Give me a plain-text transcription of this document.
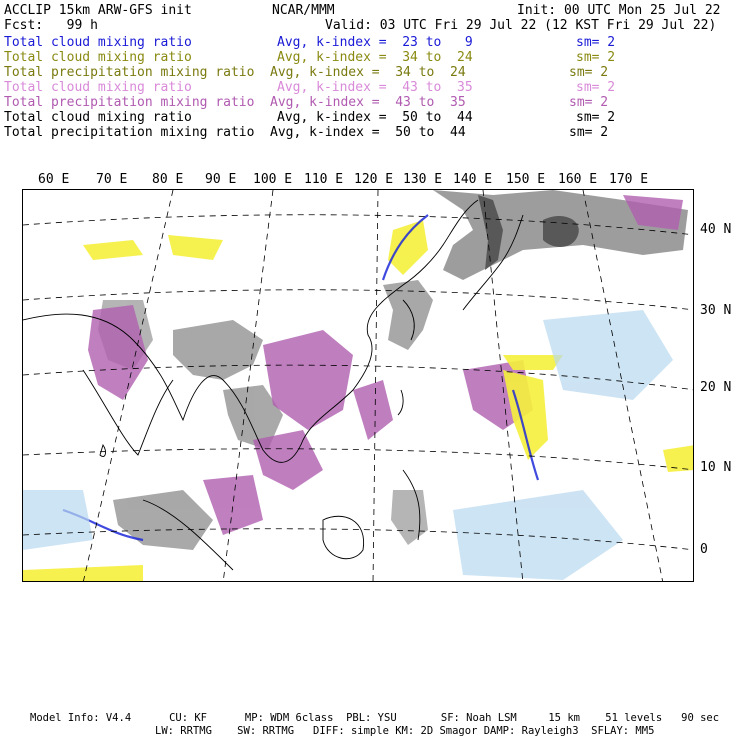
ACCLIP 15km ARW-GFS init	NCAR/MMM	Init: 00 UTC Mon 25 Jul 22
Fcst:   99 h	Valid: 03 UTC Fri 29 Jul 22 (12 KST Fri 29 Jul 22)
Total cloud mixing ratio	Avg, k-index =  23 to   9	sm= 2
Total cloud mixing ratio	Avg, k-index =  34 to  24	sm= 2
Total precipitation mixing ratio Avg, k-index =  34 to  24	sm= 2
Total cloud mixing ratio	Avg, k-index =  43 to  35	sm= 2
Total precipitation mixing ratio Avg, k-index =  43 to  35	sm= 2
Total cloud mixing ratio	Avg, k-index =  50 to  44	sm= 2
Total precipitation mixing ratio Avg, k-index =  50 to  44	sm= 2
60 E 70 E 80 E 90 E 100 E 110 E 120 E 130 E 140 E 150 E 160 E 170 E
40 N
30 N
20 N
10 N
0
Model Info: V4.4      CU: KF      MP: WDM 6class  PBL: YSU       SF: Noah LSM     15 km    51 levels   90 sec
LW: RRTMG    SW: RRTMG   DIFF: simple KM: 2D Smagor DAMP: Rayleigh3  SFLAY: MM5
